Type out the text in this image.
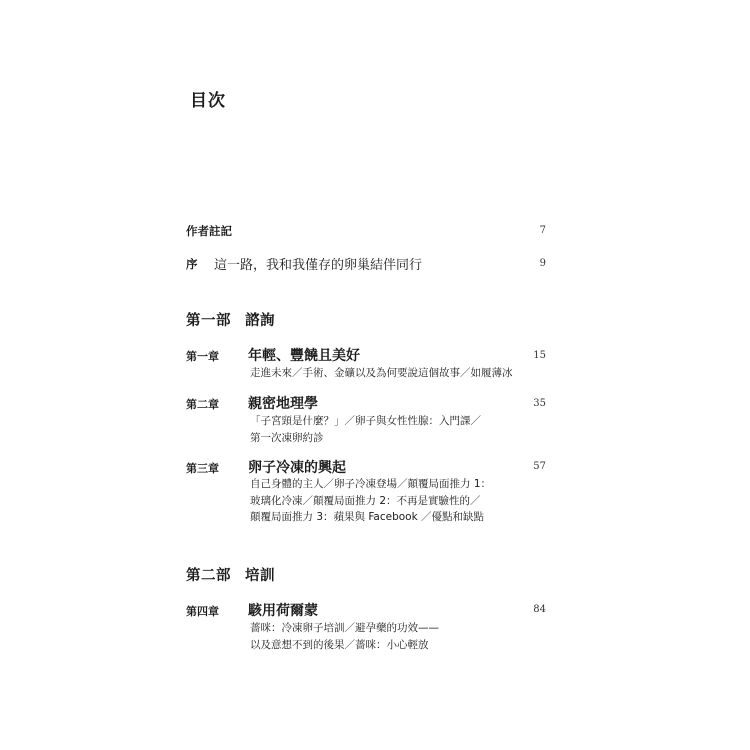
目次
作者註記	7
序 這一路，我和我僅存的卵巢結伴同行	9
第一部 諮詢
第一章 年輕、豐饒且美好	15
走進未來／手術、金礦以及為何要說這個故事／如履薄冰
第二章 親密地理學	35
「子宮頸是什麼？」／卵子與女性性腺：入門課／
第一次凍卵約診
第三章 卵子冷凍的興起	57
自己身體的主人／卵子冷凍登場／顛覆局面推力 1：
玻璃化冷凍／顛覆局面推力 2：不再是實驗性的／
顛覆局面推力 3：蘋果與 Facebook ／優點和缺點
第二部 培訓
第四章 駭用荷爾蒙	84
薔咪：冷凍卵子培訓／避孕藥的功效——
以及意想不到的後果／薔咪：小心輕放
